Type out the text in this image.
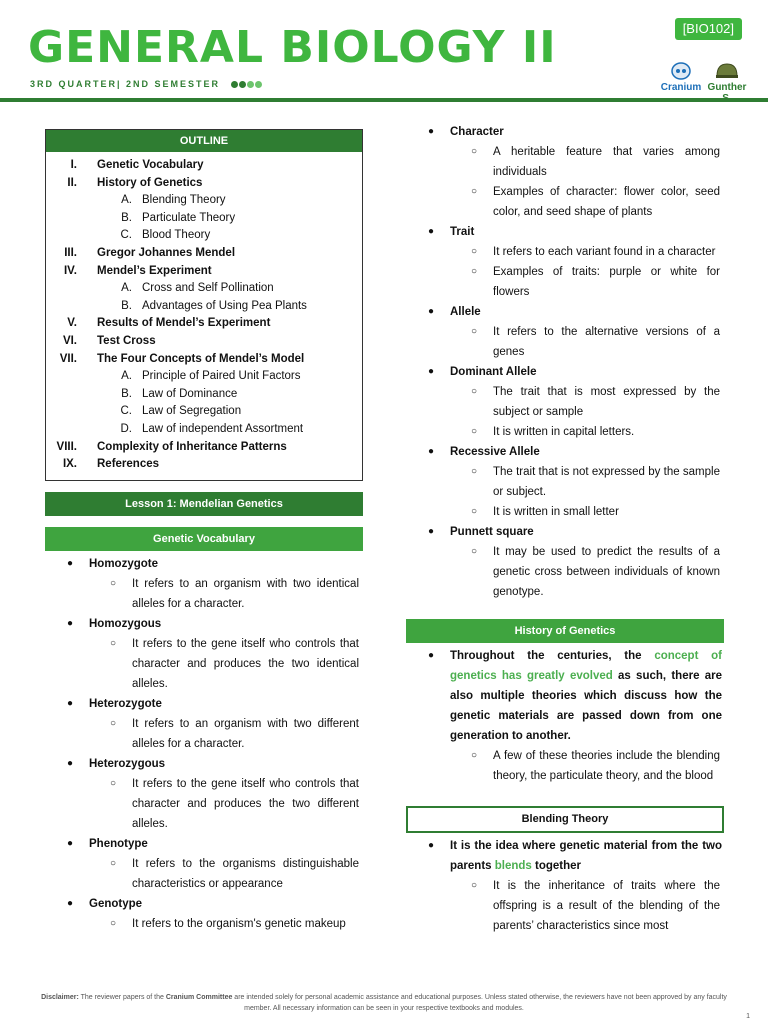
GENERAL BIOLOGY II	[BIO102]
3RD QUARTER| 2ND SEMESTER	Cranium Gunther
OUTLINE
I. Genetic Vocabulary
II. History of Genetics
A. Blending Theory
B. Particulate Theory
C. Blood Theory
III. Gregor Johannes Mendel
IV. Mendel’s Experiment
A. Cross and Self Pollination
B. Advantages of Using Pea Plants
V. Results of Mendel’s Experiment
VI. Test Cross
VII. The Four Concepts of Mendel’s Model
A. Principle of Paired Unit Factors
B. Law of Dominance
C. Law of Segregation
D. Law of independent Assortment
VIII. Complexity of Inheritance Patterns
IX. References
Lesson 1: Mendelian Genetics
Genetic Vocabulary
● Homozygote
○ It refers to an organism with two identical alleles for a character.
● Homozygous
○ It refers to the gene itself who controls that character and produces the two identical alleles.
● Heterozygote
○ It refers to an organism with two different alleles for a character.
● Heterozygous
○ It refers to the gene itself who controls that character and produces the two different alleles.
● Phenotype
○ It refers to the organisms distinguishable characteristics or appearance
● Genotype
○ It refers to the organism's genetic makeup
● Character
○ A heritable feature that varies among individuals
○ Examples of character: flower color, seed color, and seed shape of plants
● Trait
○ It refers to each variant found in a character
○ Examples of traits: purple or white for flowers
● Allele
○ It refers to the alternative versions of a genes
● Dominant Allele
○ The trait that is most expressed by the subject or sample
○ It is written in capital letters.
● Recessive Allele
○ The trait that is not expressed by the sample or subject.
○ It is written in small letter
● Punnett square
○ It may be used to predict the results of a genetic cross between individuals of known genotype.
History of Genetics
● Throughout the centuries, the concept of genetics has greatly evolved as such, there are also multiple theories which discuss how the genetic materials are passed down from one generation to another.
○ A few of these theories include the blending theory, the particulate theory, and the blood
Blending Theory
● It is the idea where genetic material from the two parents blends together
○ It is the inheritance of traits where the offspring is a result of the blending of the parents’ characteristics since most
Disclaimer: The reviewer papers of the Cranium Committee are intended solely for personal academic assistance and educational purposes. Unless stated otherwise, the reviewers have not been approved by any faculty member. All necessary information can be seen in your respective textbooks and modules.
1
